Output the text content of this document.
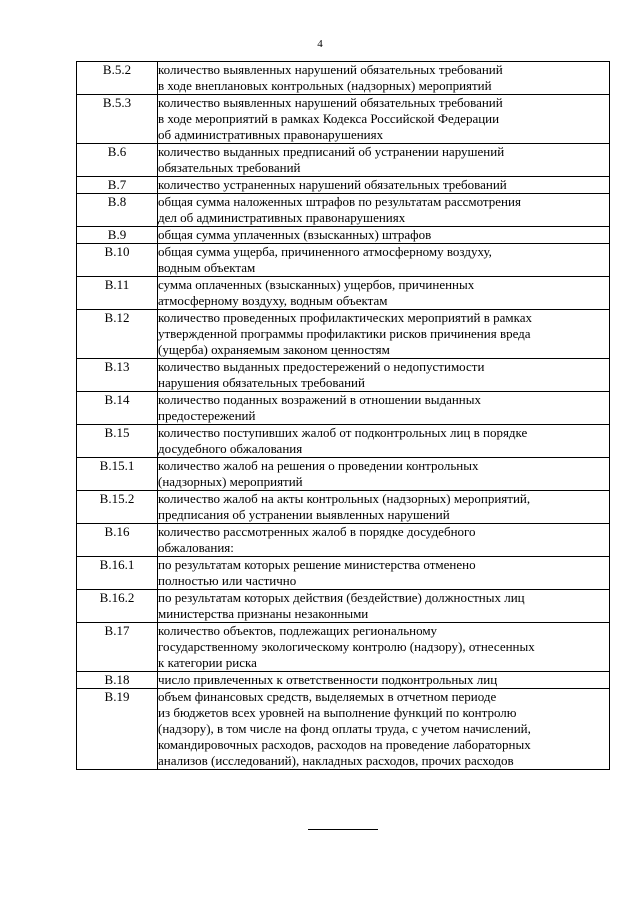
4
В.5.2	количество выявленных нарушений обязательных требований
в ходе внеплановых контрольных (надзорных) мероприятий
В.5.3	количество выявленных нарушений обязательных требований
в ходе мероприятий в рамках Кодекса Российской Федерации
об административных правонарушениях
В.6	количество выданных предписаний об устранении нарушений
обязательных требований
В.7	количество устраненных нарушений обязательных требований
В.8	общая сумма наложенных штрафов по результатам рассмотрения
дел об административных правонарушениях
В.9	общая сумма уплаченных (взысканных) штрафов
В.10	общая сумма ущерба, причиненного атмосферному воздуху,
водным объектам
В.11	сумма оплаченных (взысканных) ущербов, причиненных
атмосферному воздуху, водным объектам
В.12	количество проведенных профилактических мероприятий в рамках
утвержденной программы профилактики рисков причинения вреда
(ущерба) охраняемым законом ценностям
В.13	количество выданных предостережений о недопустимости
нарушения обязательных требований
В.14	количество поданных возражений в отношении выданных
предостережений
В.15	количество поступивших жалоб от подконтрольных лиц в порядке
досудебного обжалования
В.15.1	количество жалоб на решения о проведении контрольных
(надзорных) мероприятий
В.15.2	количество жалоб на акты контрольных (надзорных) мероприятий,
предписания об устранении выявленных нарушений
В.16	количество рассмотренных жалоб в порядке досудебного
обжалования:
В.16.1	по результатам которых решение министерства отменено
полностью или частично
В.16.2	по результатам которых действия (бездействие) должностных лиц
министерства признаны незаконными
В.17	количество объектов, подлежащих региональному
государственному экологическому контролю (надзору), отнесенных
к категории риска
В.18	число привлеченных к ответственности подконтрольных лиц
В.19	объем финансовых средств, выделяемых в отчетном периоде
из бюджетов всех уровней на выполнение функций по контролю
(надзору), в том числе на фонд оплаты труда, с учетом начислений,
командировочных расходов, расходов на проведение лабораторных
анализов (исследований), накладных расходов, прочих расходов
